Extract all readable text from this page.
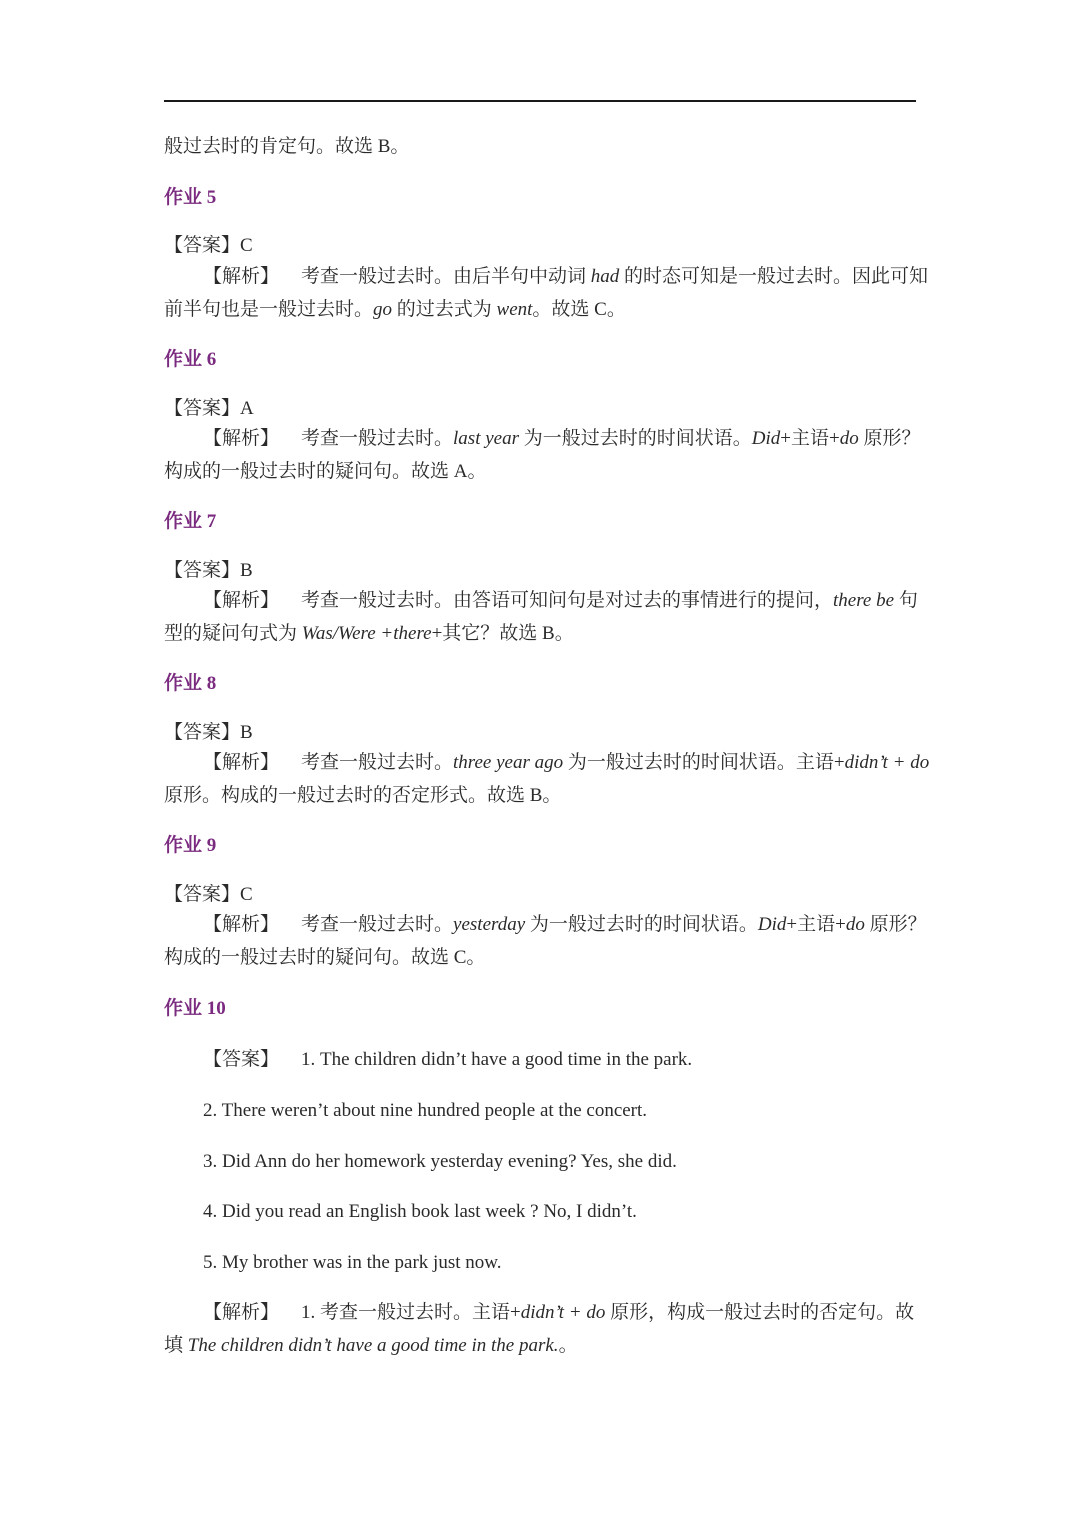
般过去时的肯定句。故选 B。
作业 5
【答案】C
【解析】 考查一般过去时。由后半句中动词 had 的时态可知是一般过去时。因此可知
前半句也是一般过去时。go 的过去式为 went。故选 C。
作业 6
【答案】A
【解析】 考查一般过去时。last year 为一般过去时的时间状语。Did+主语+do 原形？
构成的一般过去时的疑问句。故选 A。
作业 7
【答案】B
【解析】 考查一般过去时。由答语可知问句是对过去的事情进行的提问，there be 句
型的疑问句式为 Was/Were +there+其它？故选 B。
作业 8
【答案】B
【解析】 考查一般过去时。three year ago 为一般过去时的时间状语。主语+didn’t + do
原形。构成的一般过去时的否定形式。故选 B。
作业 9
【答案】C
【解析】 考查一般过去时。yesterday 为一般过去时的时间状语。Did+主语+do 原形？
构成的一般过去时的疑问句。故选 C。
作业 10
【答案】 1. The children didn’t have a good time in the park.
2. There weren’t about nine hundred people at the concert.
3. Did Ann do her homework yesterday evening? Yes, she did.
4. Did you read an English book last week ? No, I didn’t.
5. My brother was in the park just now.
【解析】 1. 考查一般过去时。主语+didn’t + do 原形，构成一般过去时的否定句。故
填 The children didn’t have a good time in the park.。
